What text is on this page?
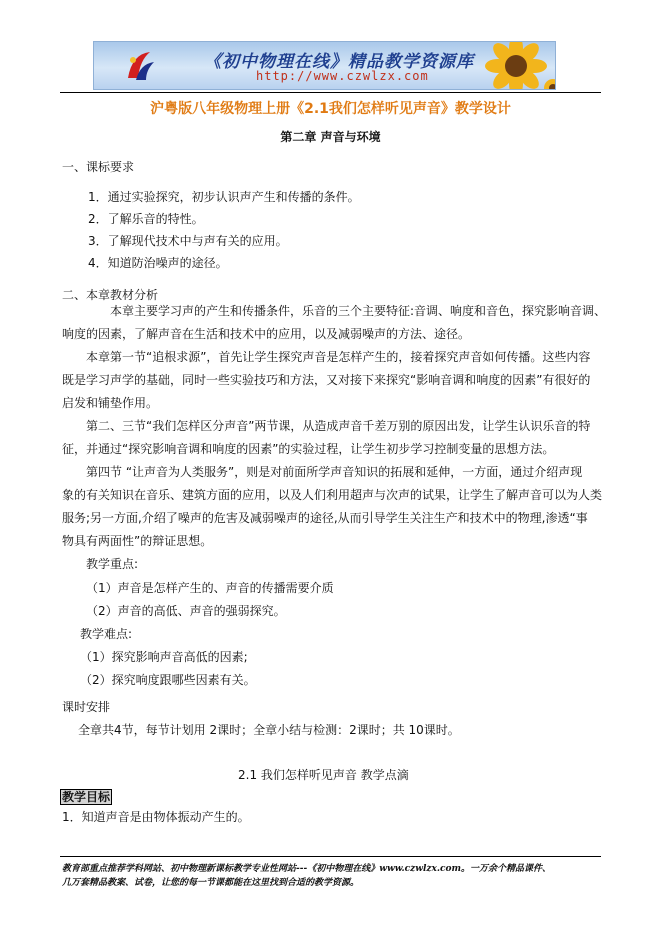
《初中物理在线》精品教学资源库
http://www.czwlzx.com
沪粤版八年级物理上册《2.1我们怎样听见声音》教学设计
第二章 声音与环境
一、课标要求
1．通过实验探究，初步认识声产生和传播的条件。
2．了解乐音的特性。
3．了解现代技术中与声有关的应用。
4．知道防治噪声的途径。
二、本章教材分析
本章主要学习声的产生和传播条件，乐音的三个主要特征:音调、响度和音色，探究影响音调、
响度的因素，了解声音在生活和技术中的应用，以及减弱噪声的方法、途径。
本章第一节“追根求源”，首先让学生探究声音是怎样产生的，接着探究声音如何传播。这些内容
既是学习声学的基础，同时一些实验技巧和方法，又对接下来探究“影响音调和响度的因素”有很好的
启发和铺垫作用。
第二、三节“我们怎样区分声音”两节课，从造成声音千差万别的原因出发，让学生认识乐音的特
征，并通过“探究影响音调和响度的因素”的实验过程，让学生初步学习控制变量的思想方法。
第四节 “让声音为人类服务”，则是对前面所学声音知识的拓展和延伸，一方面，通过介绍声现
象的有关知识在音乐、建筑方面的应用，以及人们利用超声与次声的试果，让学生了解声音可以为人类
服务;另一方面,介绍了噪声的危害及减弱噪声的途径,从而引导学生关注生产和技术中的物理,渗透“事
物具有两面性”的辩证思想。
教学重点:
（1）声音是怎样产生的、声音的传播需要介质
（2）声音的高低、声音的强弱探究。
教学难点:
（1）探究影响声音高低的因素;
（2）探究响度跟哪些因素有关。
课时安排
全章共4节，每节计划用 2课时；全章小结与检测：2课时；共 10课时。
2.1 我们怎样听见声音 教学点滴
教学目标
1．知道声音是由物体振动产生的。
教育部重点推荐学科网站、初中物理新课标教学专业性网站---《初中物理在线》www.czwlzx.com。一万余个精品课件、
几万套精品教案、试卷，让您的每一节课都能在这里找到合适的教学资源。
